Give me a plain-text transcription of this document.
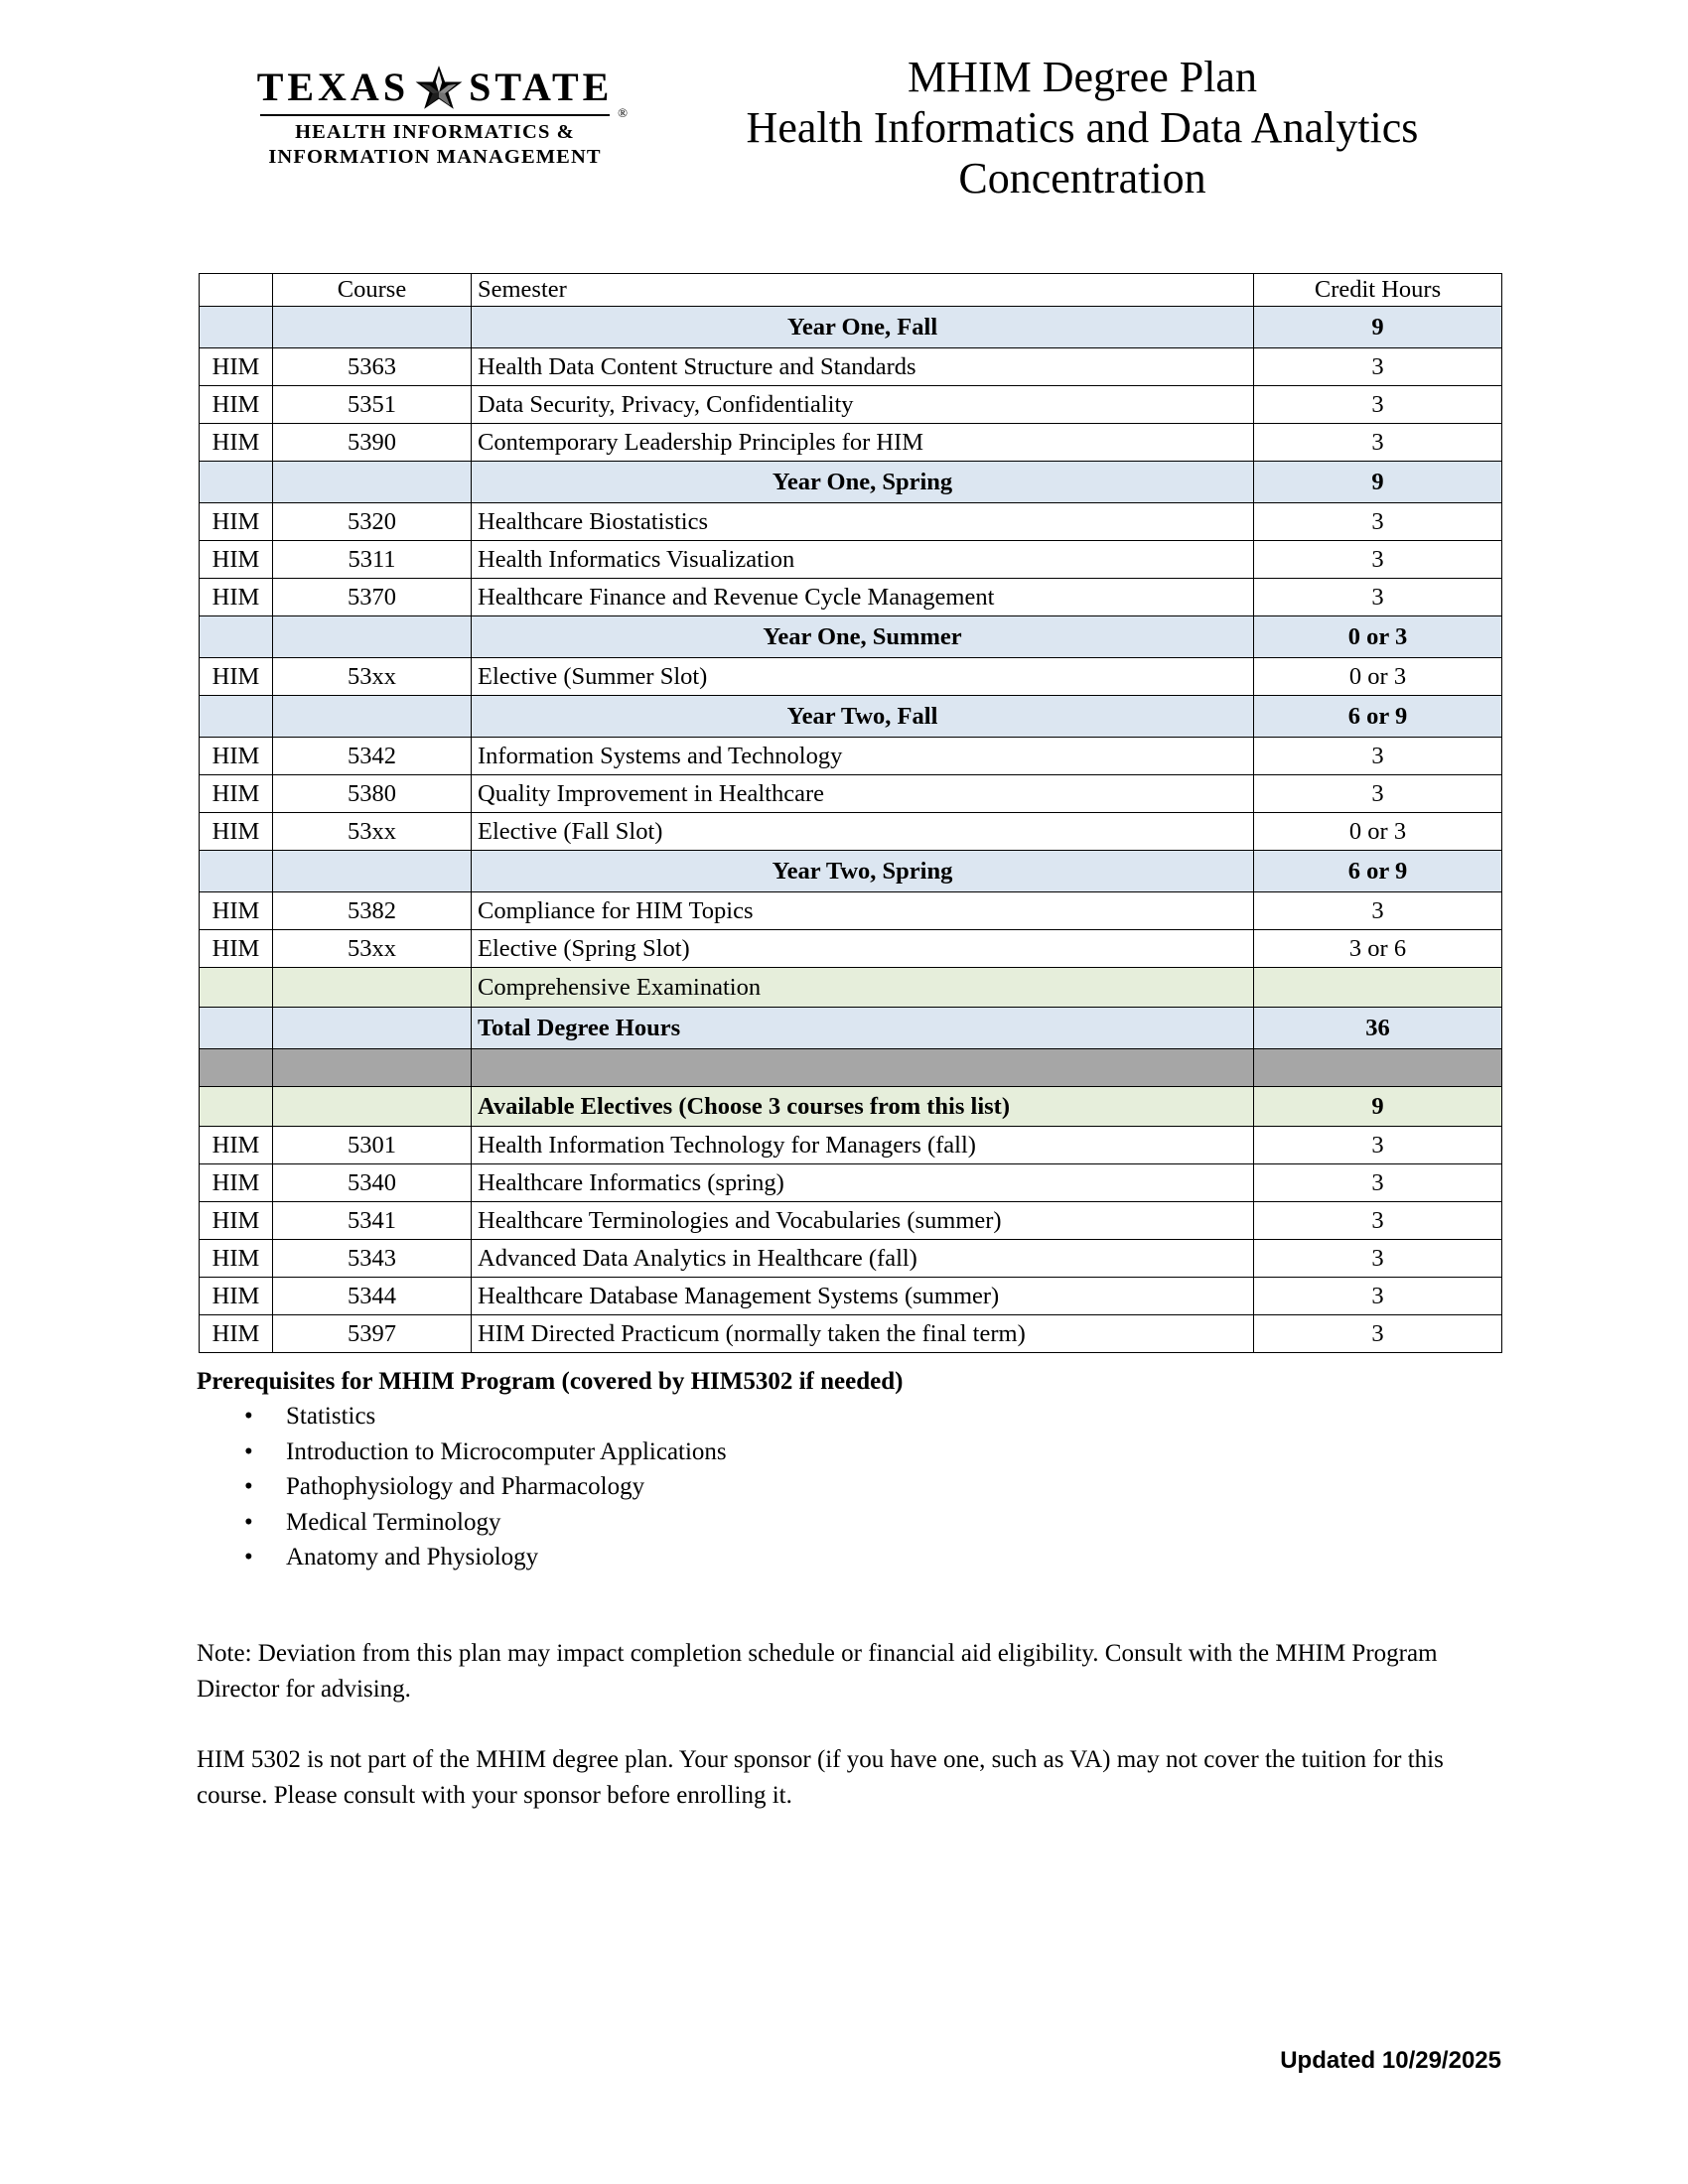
TEXAS STATE
®
HEALTH INFORMATICS &
INFORMATION MANAGEMENT
MHIM Degree Plan
Health Informatics and Data Analytics
Concentration
	Course	Semester	Credit Hours
		Year One, Fall	9
HIM	5363	Health Data Content Structure and Standards	3
HIM	5351	Data Security, Privacy, Confidentiality	3
HIM	5390	Contemporary Leadership Principles for HIM	3
		Year One, Spring	9
HIM	5320	Healthcare Biostatistics	3
HIM	5311	Health Informatics Visualization	3
HIM	5370	Healthcare Finance and Revenue Cycle Management	3
		Year One, Summer	0 or 3
HIM	53xx	Elective (Summer Slot)	0 or 3
		Year Two, Fall	6 or 9
HIM	5342	Information Systems and Technology	3
HIM	5380	Quality Improvement in Healthcare	3
HIM	53xx	Elective (Fall Slot)	0 or 3
		Year Two, Spring	6 or 9
HIM	5382	Compliance for HIM Topics	3
HIM	53xx	Elective (Spring Slot)	3 or 6
		Comprehensive Examination	
		Total Degree Hours	36

		Available Electives (Choose 3 courses from this list)	9
HIM	5301	Health Information Technology for Managers (fall)	3
HIM	5340	Healthcare Informatics (spring)	3
HIM	5341	Healthcare Terminologies and Vocabularies (summer)	3
HIM	5343	Advanced Data Analytics in Healthcare (fall)	3
HIM	5344	Healthcare Database Management Systems (summer)	3
HIM	5397	HIM Directed Practicum (normally taken the final term)	3
Prerequisites for MHIM Program (covered by HIM5302 if needed)
• Statistics
• Introduction to Microcomputer Applications
• Pathophysiology and Pharmacology
• Medical Terminology
• Anatomy and Physiology

Note: Deviation from this plan may impact completion schedule or financial aid eligibility. Consult with the MHIM Program Director for advising.

HIM 5302 is not part of the MHIM degree plan. Your sponsor (if you have one, such as VA) may not cover the tuition for this course. Please consult with your sponsor before enrolling it.

Updated 10/29/2025
